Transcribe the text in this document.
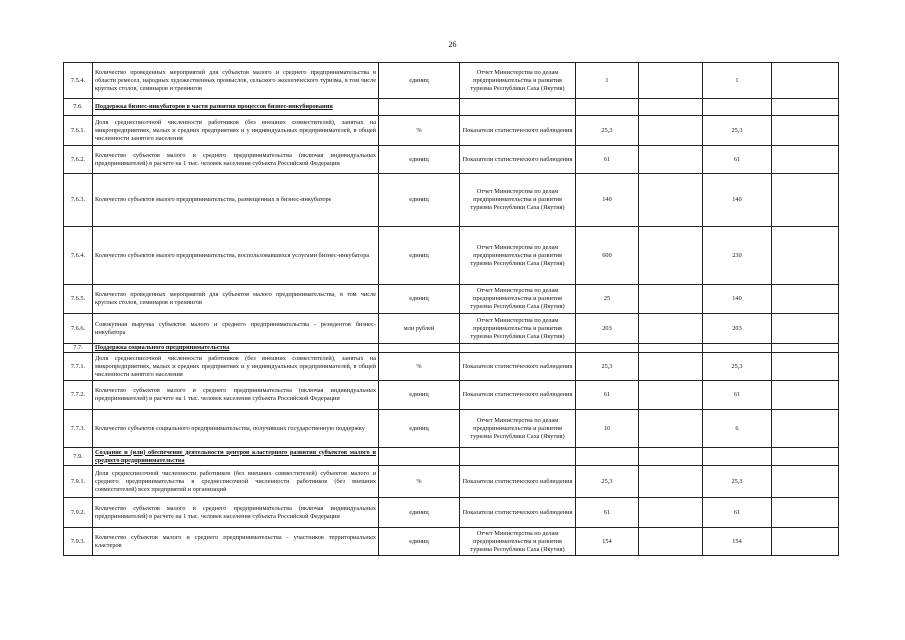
26
7.5.4.	Количество проведенных мероприятий для субъектов малого и среднего предпринимательства в области ремесел, народных художественных промыслов, сельского экологического туризма, в том числе круглых столов, семинаров и тренингов	единиц	Отчет Министерства по делам предпринимательства и развития туризма Республики Саха (Якутия)	1		1	
7.6.	Поддержка бизнес-инкубаторов в части развития процессов бизнес-инкубирования						
7.6.1.	Доля среднесписочной численности работников (без внешних совместителей), занятых на микропредприятиях, малых и средних предприятиях и у индивидуальных предпринимателей, в общей численности занятого населения	%	Показатели статистического наблюдения	25,3		25,3	
7.6.2.	Количество субъектов малого и среднего предпринимательства (включая индивидуальных предпринимателей) в расчете на 1 тыс. человек населения субъекта Российской Федерации	единиц	Показатели статистического наблюдения	61		61	
7.6.3.	Количество субъектов малого предпринимательства, размещенных в бизнес-инкубаторе	единиц	Отчет Министерства по делам предпринимательства и развития туризма Республики Саха (Якутия)	140		140	
7.6.4.	Количество субъектов малого предпринимательства, воспользовавшихся услугами бизнес-инкубатора	единиц	Отчет Министерства по делам предпринимательства и развития туризма Республики Саха (Якутия)	600		230	
7.6.5.	Количество проведенных мероприятий для субъектов малого предпринимательства, в том числе круглых столов, семинаров и тренингов	единиц	Отчет Министерства по делам предпринимательства и развития туризма Республики Саха (Якутия)	25		140	
7.6.6.	Совокупная выручка субъектов малого и среднего предпринимательства - резидентов бизнес-инкубатора	млн рублей	Отчет Министерства по делам предпринимательства и развития туризма Республики Саха (Якутия)	203		203	
7.7.	Поддержка социального предпринимательства						
7.7.1.	Доля среднесписочной численности работников (без внешних совместителей), занятых на микропредприятиях, малых и средних предприятиях и у индивидуальных предпринимателей, в общей численности занятого населения	%	Показатели статистического наблюдения	25,3		25,3	
7.7.2.	Количество субъектов малого и среднего предпринимательства (включая индивидуальных предпринимателей) в расчете на 1 тыс. человек населения субъекта Российской Федерации	единиц	Показатели статистического наблюдения	61		61	
7.7.3.	Количество субъектов социального предпринимательства, получивших государственную поддержку	единиц	Отчет Министерства по делам предпринимательства и развития туризма Республики Саха (Якутия)	10		6	
7.9.	Создание и (или) обеспечение деятельности центров кластерного развития субъектов малого и среднего предпринимательства						
7.9.1.	Доля среднесписочной численности работников (без внешних совместителей) субъектов малого и среднего предпринимательства в среднесписочной численности работников (без внешних совместителей) всех предприятий и организаций	%	Показатели статистического наблюдения	25,3		25,3	
7.9.2.	Количество субъектов малого и среднего предпринимательства (включая индивидуальных предпринимателей) в расчете на 1 тыс. человек населения субъекта Российской Федерации	единиц	Показатели статистического наблюдения	61		61	
7.9.3.	Количество субъектов малого и среднего предпринимательства - участников территориальных кластеров	единиц	Отчет Министерства по делам предпринимательства и развития туризма Республики Саха (Якутия)	154		154	
